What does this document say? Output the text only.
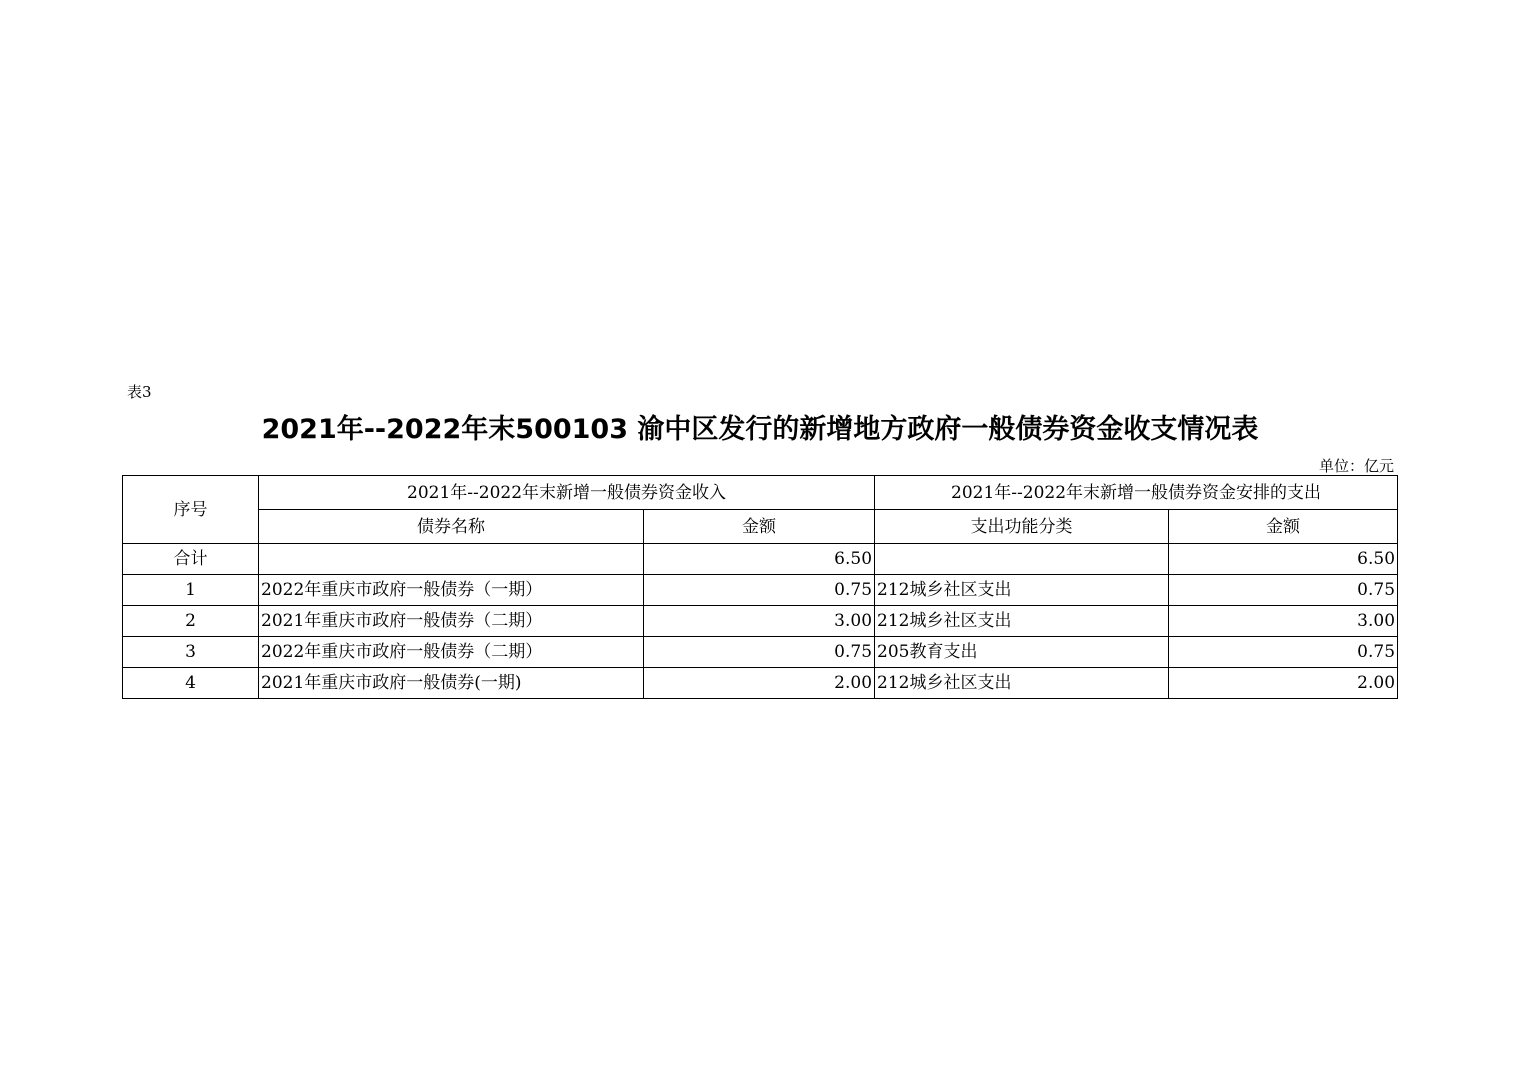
表3
2021年--2022年末500103 渝中区发行的新增地方政府一般债券资金收支情况表
单位：亿元
序号	2021年--2022年末新增一般债券资金收入		2021年--2022年末新增一般债券资金安排的支出	
	债券名称	金额	支出功能分类	金额
合计		6.50		6.50
1	2022年重庆市政府一般债券（一期）	0.75	212城乡社区支出	0.75
2	2021年重庆市政府一般债券（二期）	3.00	212城乡社区支出	3.00
3	2022年重庆市政府一般债券（二期）	0.75	205教育支出	0.75
4	2021年重庆市政府一般债券(一期)	2.00	212城乡社区支出	2.00
